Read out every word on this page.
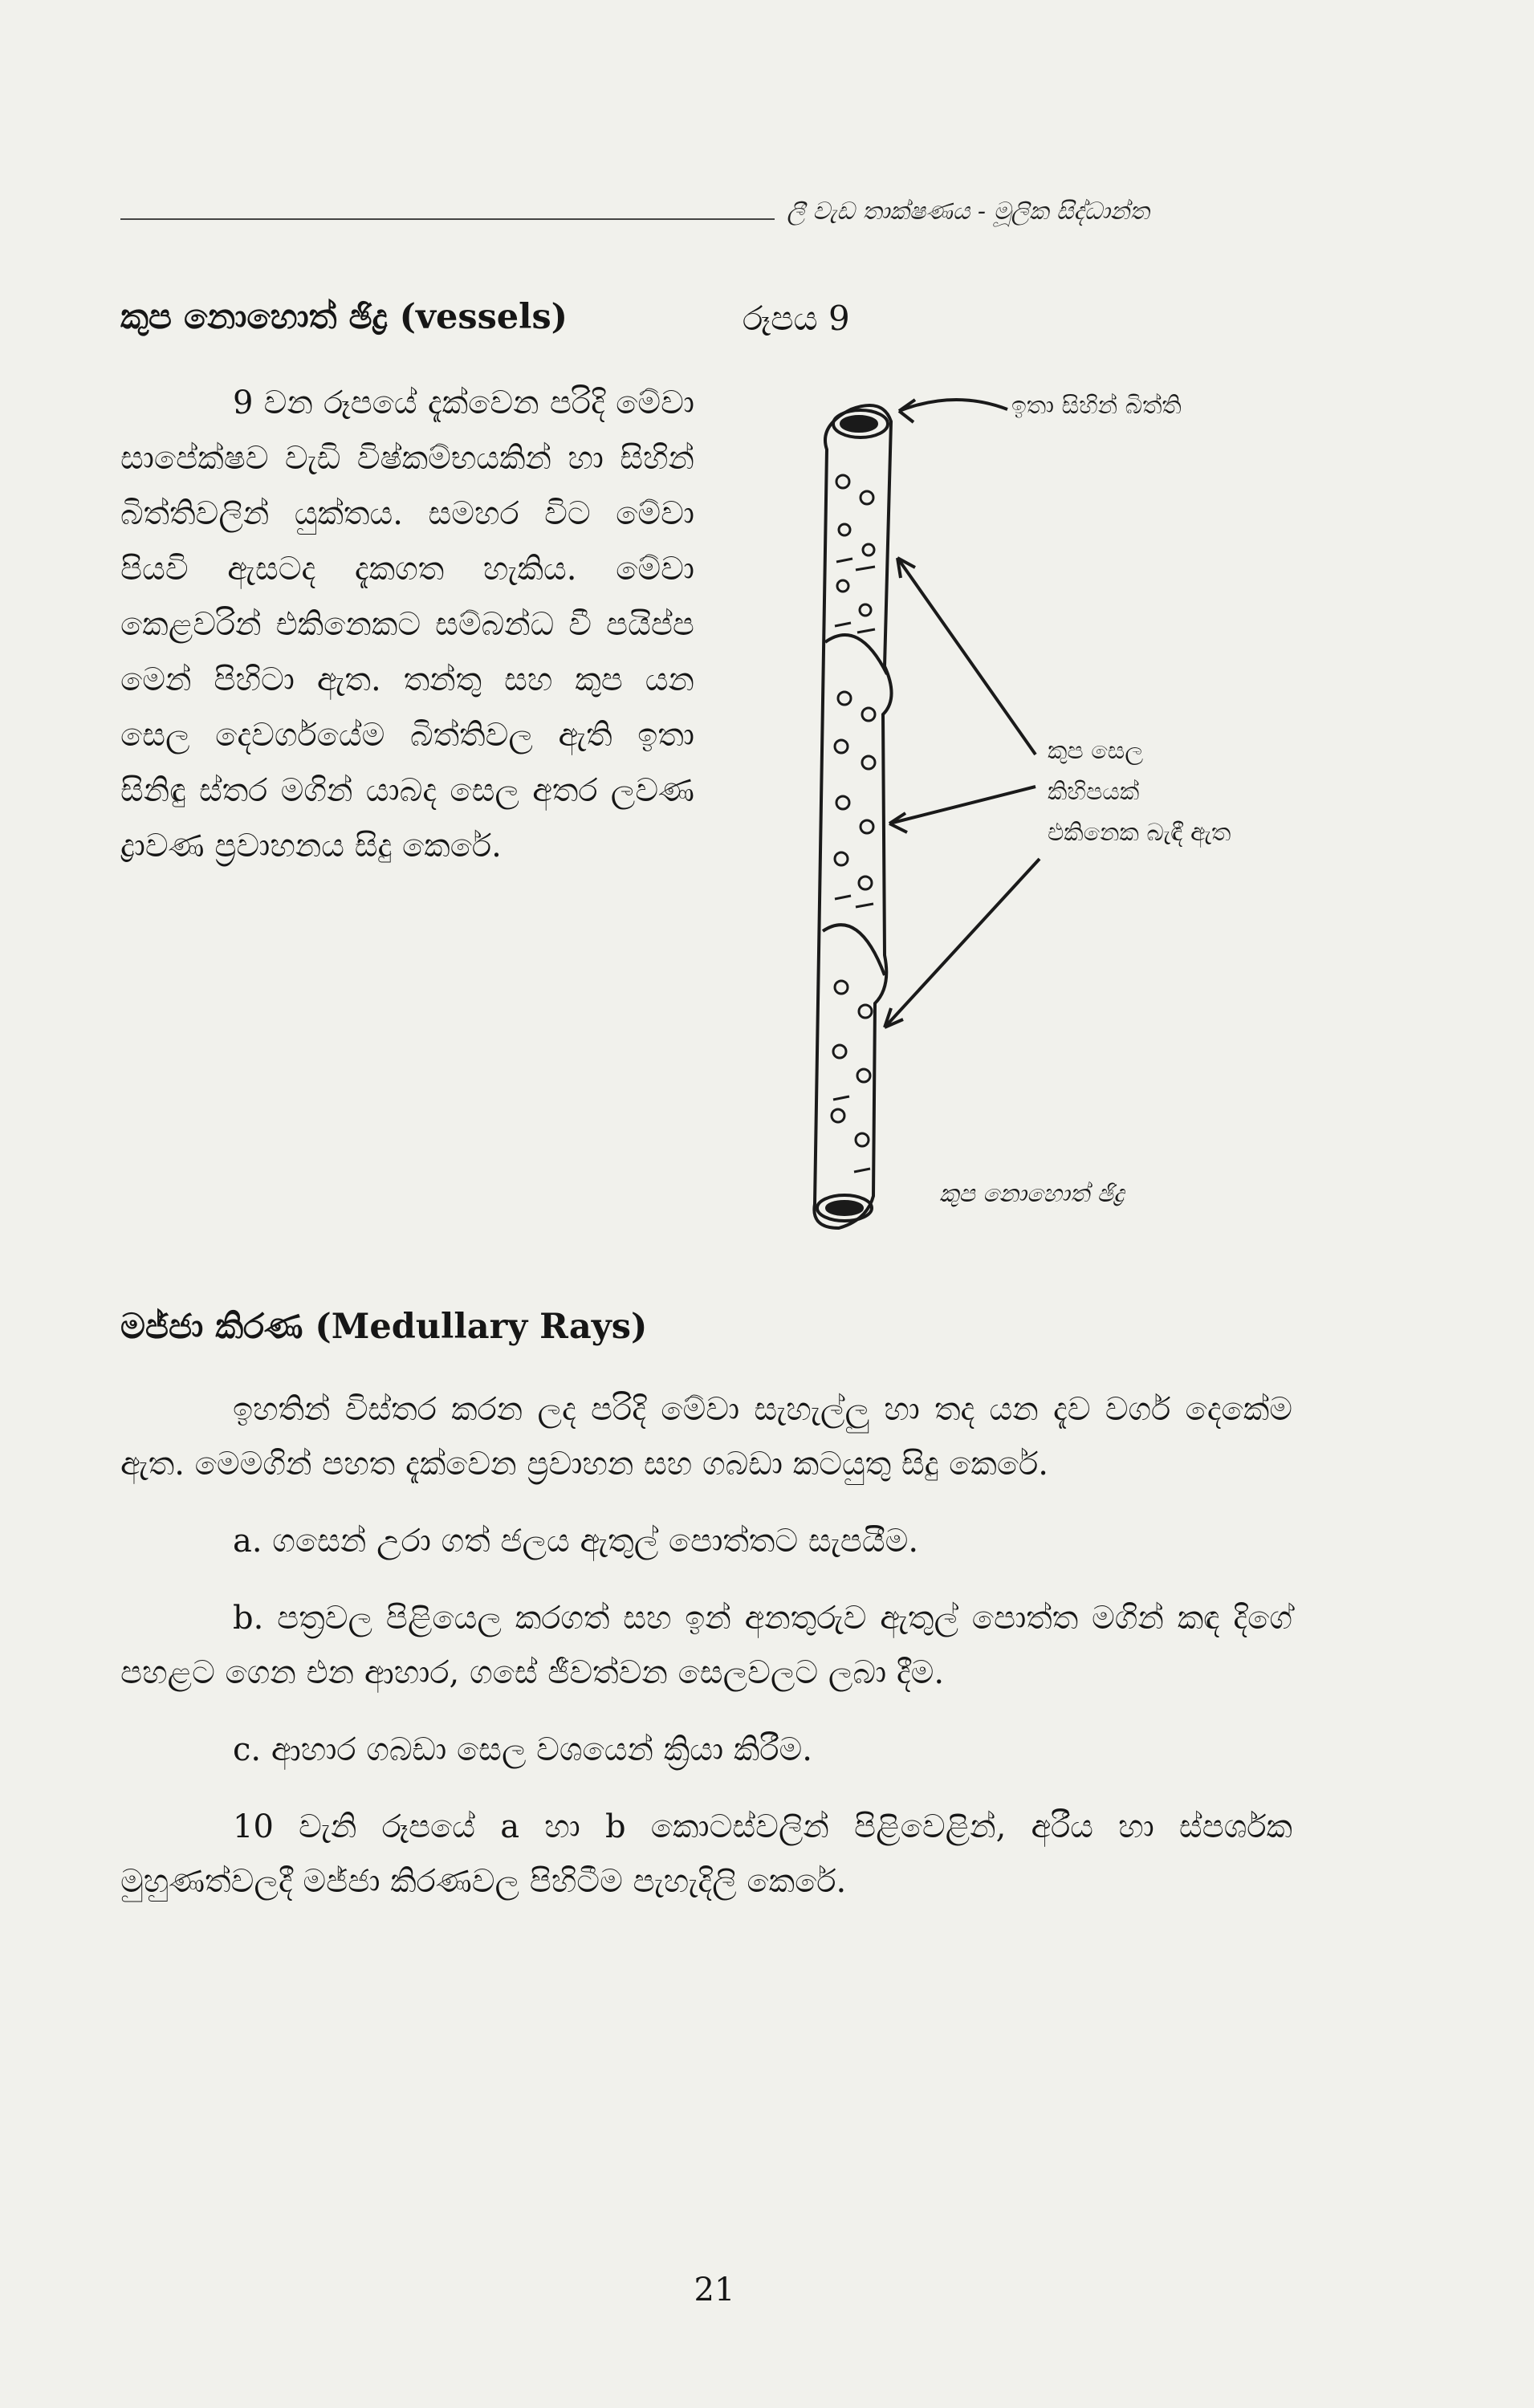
ලී වැඩ තාක්ෂණය - මූලික සිද්ධාන්ත
කුප නොහොත් ඡිද්‍ර (vessels)	රූපය 9

9 වන රූපයේ දැක්වෙන පරිදි මේවා සාපේක්ෂව වැඩි විෂ්කම්භයකින් හා සිහින් බිත්තිවලින් යුක්තය. සමහර විට මේවා පියවි ඇසටද දැකගත හැකිය. මේවා කෙළවරින් එකිනෙකට සම්බන්ධ වී පයිප්ප මෙන් පිහිටා ඇත. තන්තු සහ කුප යන සෙල දෙවර්ගයේම බිත්තිවල ඇති ඉතා සිනිඳු ස්තර මගින් යාබද සෙල අතර ලවණ ද්‍රාවණ ප්‍රවාහනය සිදු කෙරේ.

ඉතා සිහින් බිත්ති
කුප සෙල කිහිපයක් එකිනෙක බැඳී ඇත
කුප නොහොත් ඡිද්‍ර
මජ්ජා කිරණ (Medullary Rays)

ඉහතින් විස්තර කරන ලද පරිදි මේවා සැහැල්ලු හා තද යන දැව වර්ග දෙකේම ඇත. මෙමගින් පහත දැක්වෙන ප්‍රවාහන සහ ගබඩා කටයුතු සිදු කෙරේ.

a. ගසෙන් උරා ගත් ජලය ඇතුල් පොත්තට සැපයීම.

b. පත්‍රවල පිළියෙල කරගත් සහ ඉන් අනතුරුව ඇතුල් පොත්ත මගින් කඳ දිගේ පහළට ගෙන එන ආහාර, ගසේ ජීවත්වන සෙලවලට ලබා දීම.

c. ආහාර ගබඩා සෙල වශයෙන් ක්‍රියා කිරීම.

10 වැනි රූපයේ a හා b කොටස්වලින් පිළිවෙළින්, අරීය හා ස්පර්ශක මුහුණත්වලදී මජ්ජා කිරණවල පිහිටීම පැහැදිලි කෙරේ.

21
